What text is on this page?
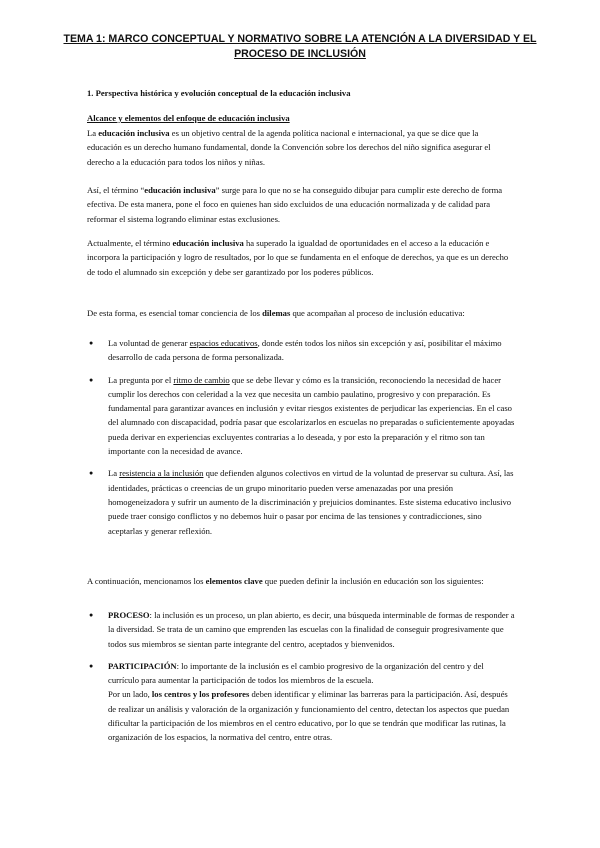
TEMA 1: MARCO CONCEPTUAL Y NORMATIVO SOBRE LA ATENCIÓN A LA DIVERSIDAD Y EL PROCESO DE INCLUSIÓN
1. Perspectiva histórica y evolución conceptual de la educación inclusiva
Alcance y elementos del enfoque de educación inclusiva
La educación inclusiva es un objetivo central de la agenda política nacional e internacional, ya que se dice que la educación es un derecho humano fundamental, donde la Convención sobre los derechos del niño significa asegurar el derecho a la educación para todos los niños y niñas.
Así, el término “educación inclusiva” surge para lo que no se ha conseguido dibujar para cumplir este derecho de forma efectiva. De esta manera, pone el foco en quienes han sido excluidos de una educación normalizada y de calidad para reformar el sistema logrando eliminar estas exclusiones.
Actualmente, el término educación inclusiva ha superado la igualdad de oportunidades en el acceso a la educación e incorpora la participación y logro de resultados, por lo que se fundamenta en el enfoque de derechos, ya que es un derecho de todo el alumnado sin excepción y debe ser garantizado por los poderes públicos.
De esta forma, es esencial tomar conciencia de los dilemas que acompañan al proceso de inclusión educativa:
● La voluntad de generar espacios educativos, donde estén todos los niños sin excepción y así, posibilitar el máximo desarrollo de cada persona de forma personalizada.
● La pregunta por el ritmo de cambio que se debe llevar y cómo es la transición, reconociendo la necesidad de hacer cumplir los derechos con celeridad a la vez que necesita un cambio paulatino, progresivo y con preparación. Es fundamental para garantizar avances en inclusión y evitar riesgos existentes de perjudicar las experiencias. En el caso del alumnado con discapacidad, podría pasar que escolarizarlos en escuelas no preparadas o suficientemente apoyadas pueda derivar en experiencias excluyentes contrarias a lo deseada, y por esto la preparación y el ritmo son tan importante con la necesidad de avance.
● La resistencia a la inclusión que defienden algunos colectivos en virtud de la voluntad de preservar su cultura. Así, las identidades, prácticas o creencias de un grupo minoritario pueden verse amenazadas por una presión homogeneizadora y sufrir un aumento de la discriminación y prejuicios dominantes. Este sistema educativo inclusivo puede traer consigo conflictos y no debemos huir o pasar por encima de las tensiones y contradicciones, sino aceptarlas y generar reflexión.
A continuación, mencionamos los elementos clave que pueden definir la inclusión en educación son los siguientes:
● PROCESO: la inclusión es un proceso, un plan abierto, es decir, una búsqueda interminable de formas de responder a la diversidad. Se trata de un camino que emprenden las escuelas con la finalidad de conseguir progresivamente que todos sus miembros se sientan parte integrante del centro, aceptados y bienvenidos.
● PARTICIPACIÓN: lo importante de la inclusión es el cambio progresivo de la organización del centro y del currículo para aumentar la participación de todos los miembros de la escuela.
Por un lado, los centros y los profesores deben identificar y eliminar las barreras para la participación. Así, después de realizar un análisis y valoración de la organización y funcionamiento del centro, detectan los aspectos que puedan dificultar la participación de los miembros en el centro educativo, por lo que se tendrán que modificar las rutinas, la organización de los espacios, la normativa del centro, entre otras.
